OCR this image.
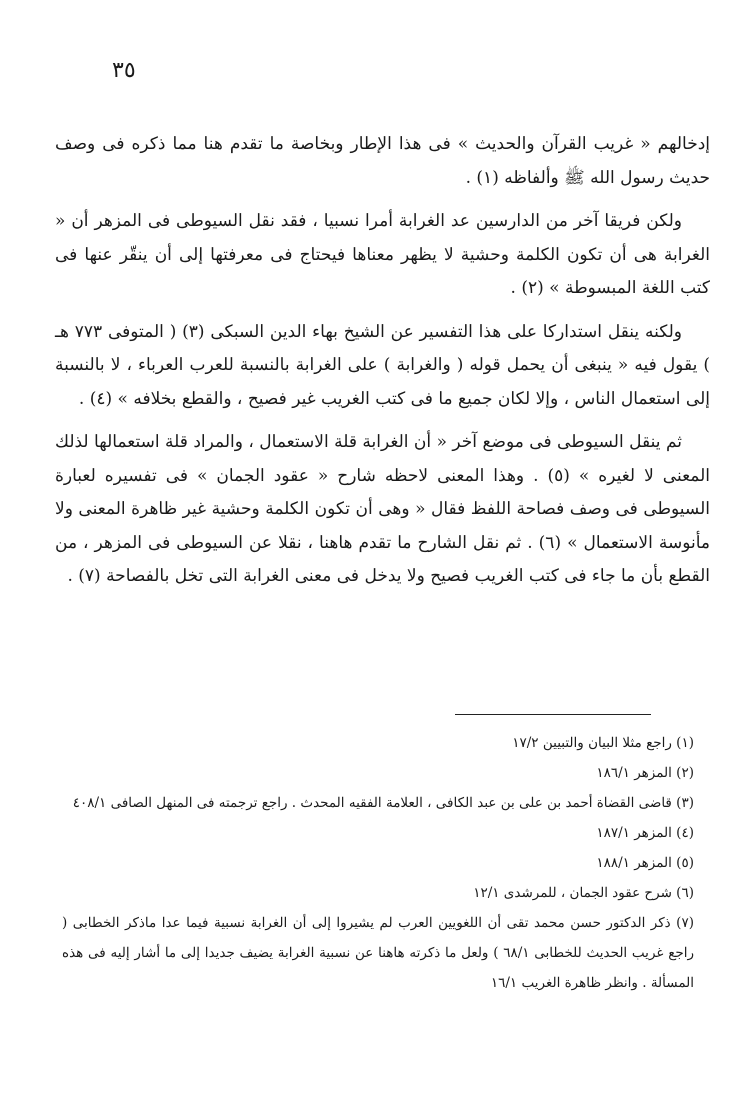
٣٥

إدخالهم « غريب القرآن والحديث » فى هذا الإطار وبخاصة ما تقدم هنا مما ذكره فى وصف حديث رسول الله ﷺ وألفاظه (١) .

ولكن فريقا آخر من الدارسين عد الغرابة أمرا نسبيا ، فقد نقل السيوطى فى المزهر أن « الغرابة هى أن تكون الكلمة وحشية لا يظهر معناها فيحتاج فى معرفتها إلى أن ينقّر عنها فى كتب اللغة المبسوطة » (٢) .

ولكنه ينقل استداركا على هذا التفسير عن الشيخ بهاء الدين السبكى (٣) ( المتوفى ٧٧٣ هـ ) يقول فيه « ينبغى أن يحمل قوله ( والغرابة ) على الغرابة بالنسبة للعرب العرباء ، لا بالنسبة إلى استعمال الناس ، وإلا لكان جميع ما فى كتب الغريب غير فصيح ، والقطع بخلافه » (٤) .

ثم ينقل السيوطى فى موضع آخر « أن الغرابة قلة الاستعمال ، والمراد قلة استعمالها لذلك المعنى لا لغيره » (٥) . وهذا المعنى لاحظه شارح « عقود الجمان » فى تفسيره لعبارة السيوطى فى وصف فصاحة اللفظ فقال « وهى أن تكون الكلمة وحشية غير ظاهرة المعنى ولا مأنوسة الاستعمال » (٦) . ثم نقل الشارح ما تقدم هاهنا ، نقلا عن السيوطى فى المزهر ، من القطع بأن ما جاء فى كتب الغريب فصيح ولا يدخل فى معنى الغرابة التى تخل بالفصاحة (٧) .

(١) راجع مثلا البيان والتبيين ١٧/٢

(٢) المزهر ١٨٦/١

(٣) قاضى القضاة أحمد بن على بن عبد الكافى ، العلامة الفقيه المحدث . راجع ترجمته فى المنهل الصافى ٤٠٨/١

(٤) المزهر ١٨٧/١

(٥) المزهر ١٨٨/١

(٦) شرح عقود الجمان ، للمرشدى ١٢/١

(٧) ذكر الدكتور حسن محمد تقى أن اللغويين العرب لم يشيروا إلى أن الغرابة نسبية فيما عدا ماذكر الخطابى ( راجع غريب الحديث للخطابى ٦٨/١ ) ولعل ما ذكرته هاهنا عن نسبية الغرابة يضيف جديدا إلى ما أشار إليه فى هذه المسألة . وانظر ظاهرة الغريب ١٦/١
